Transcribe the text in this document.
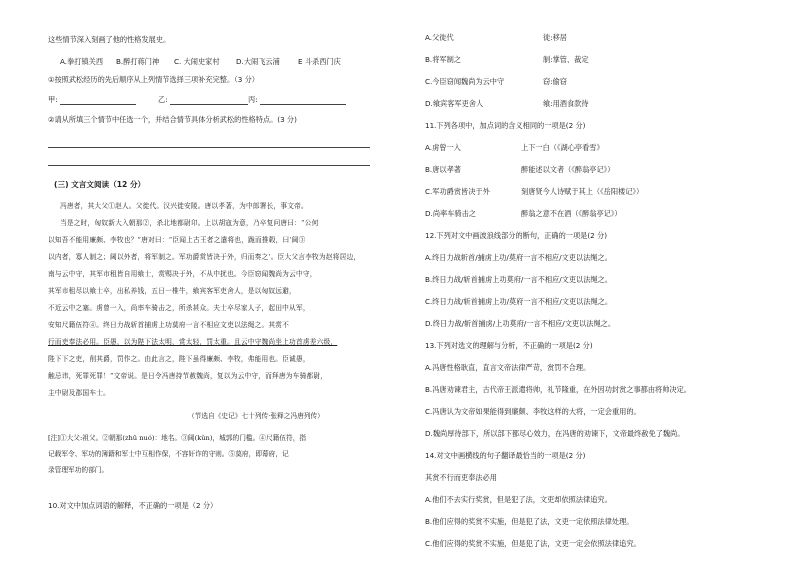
这些情节深入刻画了他的性格发展史。
A.拳打镇关西 B.醉打蒋门神 C. 大闹史家村 D.大闹飞云浦	E 斗杀西门庆
①按照武松经历的先后顺序从上列情节选择三项补充完整。（3 分）
甲:	乙:	丙:
②请从所填三个情节中任选一个，并结合情节具体分析武松的性格特点。(3 分)
(三) 文言文阅读（12 分）
冯唐者，其大父①赵人。父徙代。汉兴徙安陵。唐以孝著，为中郎署长，事文帝。
当是之时，匈奴新大入朝那②，杀北地都尉卬。上以胡寇为意，乃卒复问唐曰：“公何
以知吾不能用廉颇、李牧也？”唐对曰：“臣闻上古王者之遣将也，跪而推毂，曰‘阃③
以内者，寡人制之；阃以外者，将军制之。军功爵赏皆决于外，归而奏之’。臣大父言李牧为赵将居边，
南与云中守，其军市租皆自用飨士，赏赐决于外，不从中扰也。今臣窃闻魏尚为云中守，
其军市租尽以飨士卒，出私养钱，五日一椎牛，飨宾客军吏舍人，是以匈奴远避，
不近云中之塞。虏曾一入，尚率车骑击之，所杀甚众。夫士卒尽家人子，起田中从军，
安知尺籍伍符④。终日力战斩首捕虏上功莫府一言不相应文吏以法绳之。其赏不
行而吏奉法必用。臣愚，以为陛下法太明，赏太轻，罚太重。且云中守魏尚坐上功首虏差六级，
陛下下之吏，削其爵，罚作之。由此言之，陛下虽得廉颇、李牧，弗能用也。臣诚愚，
触忌讳，死罪死罪！”文帝说。是日令冯唐持节赦魏尚，复以为云中守，而拜唐为车骑都尉，
主中尉及郡国车士。
（节选自《史记》七十列传·张释之冯唐列传）
[注]①大父:祖父。②朝那(zhū nuó)：地名。③阃(kǔn)，城郭的门槛。④尺籍伍符，指
记载军令、军功的簿籍和军士中互相作保，不容奸诈的守则。⑤莫府，即幕府，记
录管理军功的部门。
10.对文中加点词语的解释，不正确的一项是（2 分）
A.父徙代	徙:移居
B.将军制之	制:掌管、裁定
C.今臣窃闻魏尚为云中守	窃:偷窃
D.飨宾客军吏舍人	飨:用酒食款待
11.下列各项中，加点词的含义相同的一项是(2 分)
A.虏曾一入	上下一白（《湖心亭看雪》
B.唐以孝著	醉能述以文者（《醉翁亭记》）
C.军功爵赏皆决于外	刻唐贤今人诗赋于其上（《岳阳楼记》）
D.尚率车骑击之	醉翁之意不在酒（《醉翁亭记》）
12.下列对文中画波浪线部分的断句，正确的一项是(2 分)
A.终日力战斩首/捕虏上功/莫府一言不相应/文吏以法绳之。
B.终日力战/斩首捕虏上功莫府/一言不相应/文吏以法绳之。
C.终日力战/斩首捕虏上功/莫府一言不相应/文吏以法绳之。
D.终日力战/斩首捕虏/上功莫府/一言不相应/文吏以法绳之。
13.下列对选文的理解与分析，不正确的一项是(2 分)
A.冯唐性格耿直，直言文帝法律严苛，赏罚不合理。
B.冯唐劝谏君主，古代帝王派遣将帅，礼节隆重，在外因功封赏之事都由将帅决定。
C.冯唐认为文帝如果能得到廉颇、李牧这样的大将，一定会重用的。
D.魏尚厚待部下，所以部下都尽心效力，在冯唐的劝谏下，文帝最终赦免了魏尚。
14.对文中画横线的句子翻译最恰当的一项是(2 分)
其赏不行而吏奉法必用
A.他们不去实行奖赏，但是犯了法，文吏却依照法律追究。
B.他们应得的奖赏不实施，但是犯了法，文吏一定依照法律处理。
C.他们应得的奖赏不实施，但是犯了法，文吏一定会依照法律追究。
